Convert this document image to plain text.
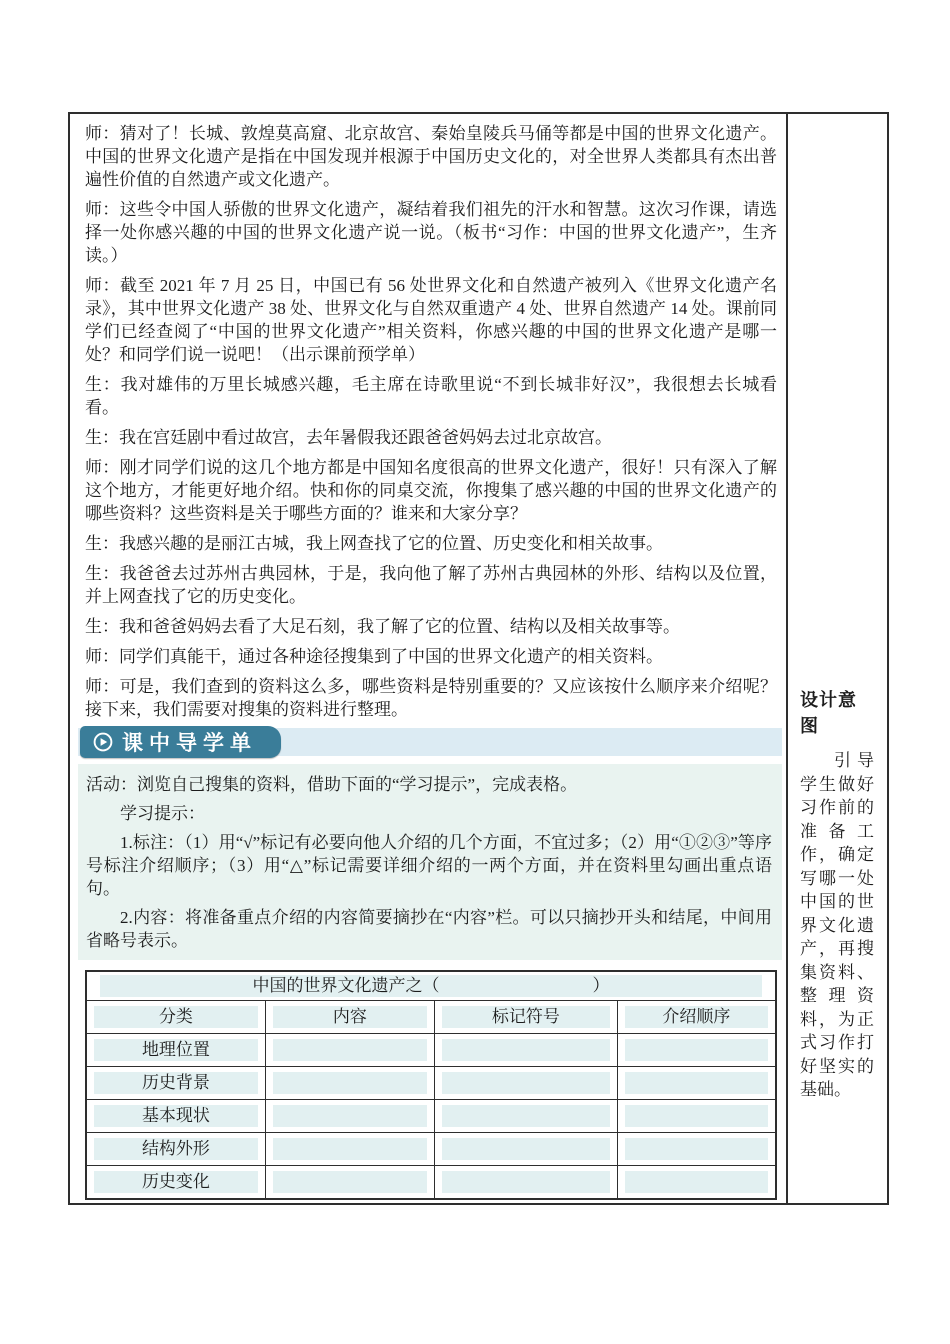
师：猜对了！长城、敦煌莫高窟、北京故宫、秦始皇陵兵马俑等都是中国的世界文化遗产。中国的世界文化遗产是指在中国发现并根源于中国历史文化的，对全世界人类都具有杰出普遍性价值的自然遗产或文化遗产。

师：这些令中国人骄傲的世界文化遗产，凝结着我们祖先的汗水和智慧。这次习作课，请选择一处你感兴趣的中国的世界文化遗产说一说。（板书“习作：中国的世界文化遗产”，生齐读。）

师：截至 2021 年 7 月 25 日，中国已有 56 处世界文化和自然遗产被列入《世界文化遗产名录》，其中世界文化遗产 38 处、世界文化与自然双重遗产 4 处、世界自然遗产 14 处。课前同学们已经查阅了“中国的世界文化遗产”相关资料，你感兴趣的中国的世界文化遗产是哪一处？和同学们说一说吧！（出示课前预学单）

生：我对雄伟的万里长城感兴趣，毛主席在诗歌里说“不到长城非好汉”，我很想去长城看看。

生：我在宫廷剧中看过故宫，去年暑假我还跟爸爸妈妈去过北京故宫。

师：刚才同学们说的这几个地方都是中国知名度很高的世界文化遗产，很好！只有深入了解这个地方，才能更好地介绍。快和你的同桌交流，你搜集了感兴趣的中国的世界文化遗产的哪些资料？这些资料是关于哪些方面的？谁来和大家分享？

生：我感兴趣的是丽江古城，我上网查找了它的位置、历史变化和相关故事。

生：我爸爸去过苏州古典园林，于是，我向他了解了苏州古典园林的外形、结构以及位置，并上网查找了它的历史变化。

生：我和爸爸妈妈去看了大足石刻，我了解了它的位置、结构以及相关故事等。

师：同学们真能干，通过各种途径搜集到了中国的世界文化遗产的相关资料。

师：可是，我们查到的资料这么多，哪些资料是特别重要的？又应该按什么顺序来介绍呢？接下来，我们需要对搜集的资料进行整理。

课中导学单

活动：浏览自己搜集的资料，借助下面的“学习提示”，完成表格。

学习提示：

1.标注：（1）用“√”标记有必要向他人介绍的几个方面，不宜过多；（2）用“①②③”等序号标注介绍顺序；（3）用“△”标记需要详细介绍的一两个方面，并在资料里勾画出重点语句。

2.内容：将准备重点介绍的内容简要摘抄在“内容”栏。可以只摘抄开头和结尾，中间用省略号表示。

中国的世界文化遗产之（　　　　　　　　　）			

分类	内容	标记符号	介绍顺序

地理位置			

历史背景			

基本现状			

结构外形			

历史变化			

设计意图

引导学生做好习作前的准备工作，确定写哪一处中国的世界文化遗产，再搜集资料、整理资料，为正式习作打好坚实的基础。
